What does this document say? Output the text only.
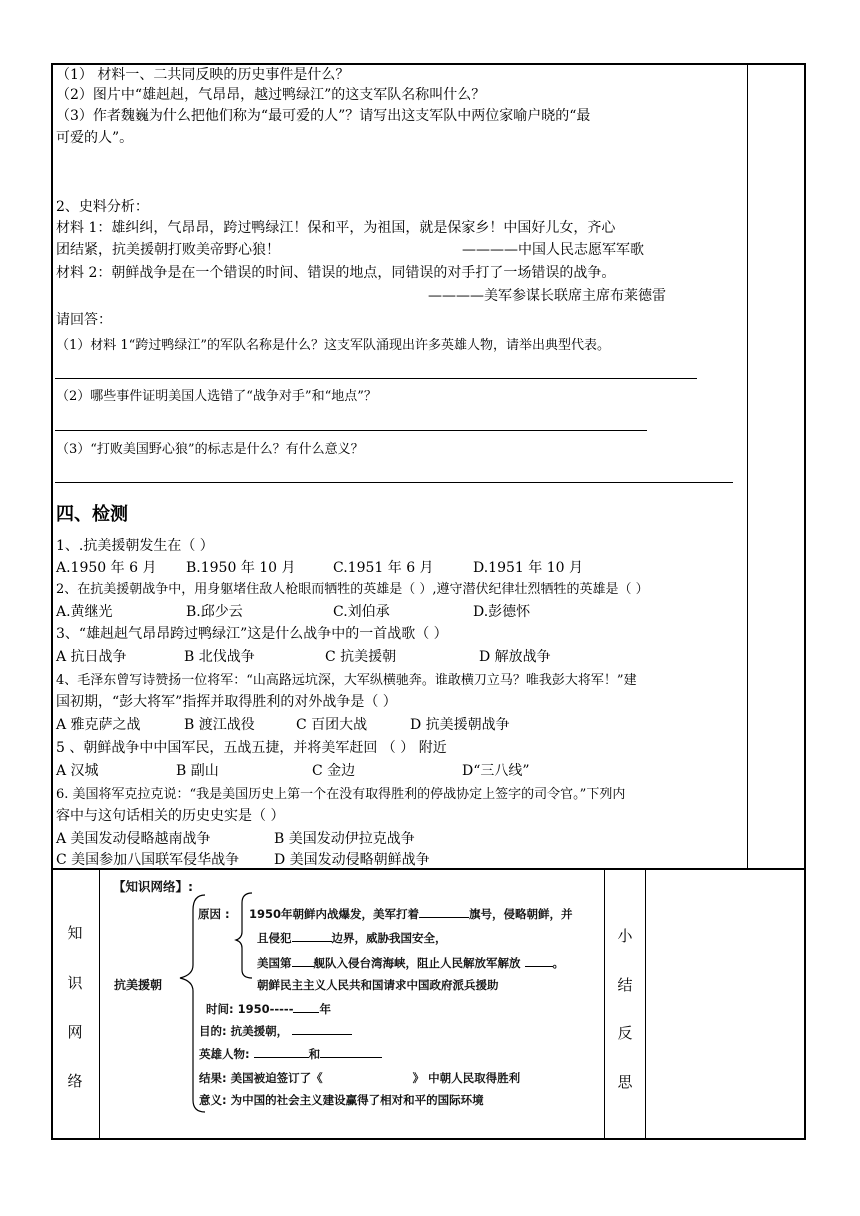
（1） 材料一、二共同反映的历史事件是什么？
（2）图片中“雄赳赳，气昂昂，越过鸭绿江”的这支军队名称叫什么？
（3）作者魏巍为什么把他们称为“最可爱的人”？请写出这支军队中两位家喻户晓的“最
可爱的人”。
2、史料分析：
材料 1：雄纠纠，气昂昂，跨过鸭绿江！保和平，为祖国，就是保家乡！中国好儿女，齐心
团结紧，抗美援朝打败美帝野心狼！	————中国人民志愿军军歌
材料 2：朝鲜战争是在一个错误的时间、错误的地点，同错误的对手打了一场错误的战争。
————美军参谋长联席主席布莱德雷
请回答：
（1）材料 1“跨过鸭绿江”的军队名称是什么？这支军队涌现出许多英雄人物，请举出典型代表。
（2）哪些事件证明美国人选错了“战争对手”和“地点”？
（3）“打败美国野心狼”的标志是什么？有什么意义？
四、检测
1、.抗美援朝发生在（ ）
A.1950 年 6 月 B.1950 年 10 月	C.1951 年 6 月	D.1951 年 10 月
2、在抗美援朝战争中，用身躯堵住敌人枪眼而牺牲的英雄是（ ）,遵守潜伏纪律壮烈牺牲的英雄是（ ）
A.黄继光	B.邱少云	C.刘伯承	D.彭德怀
3、“雄赳赳气昂昂跨过鸭绿江”这是什么战争中的一首战歌（ ）
A 抗日战争	B 北伐战争	C 抗美援朝	D 解放战争
4、毛泽东曾写诗赞扬一位将军：“山高路远坑深，大军纵横驰奔。谁敢横刀立马？唯我彭大将军！”建
国初期，“彭大将军”指挥并取得胜利的对外战争是（ ）
A 雅克萨之战	B 渡江战役	C 百团大战	D 抗美援朝战争
5 、朝鲜战争中中国军民，五战五捷，并将美军赶回 （ ） 附近
A 汉城	B 副山	C 金边	D“三八线”
6. 美国将军克拉克说：“我是美国历史上第一个在没有取得胜利的停战协定上签字的司令官。”下列内
容中与这句话相关的历史史实是（ ）
A 美国发动侵略越南战争	B 美国发动伊拉克战争
C 美国参加八国联军侵华战争 D 美国发动侵略朝鲜战争
知
识
网
络
小
结
反
思
【知识网络】:
抗美援朝
原因 : 1950年朝鲜内战爆发，美军打着	旗号，侵略朝鲜，并
且侵犯	边界，威胁我国安全，
美国第 舰队入侵台湾海峡，阻止人民解放军解放	。
朝鲜民主主义人民共和国请求中国政府派兵援助
时间: 1950----- 年
目的: 抗美援朝，
英雄人物:	和
结果: 美国被迫签订了《	》 中朝人民取得胜利
意义: 为中国的社会主义建设赢得了相对和平的国际环境
